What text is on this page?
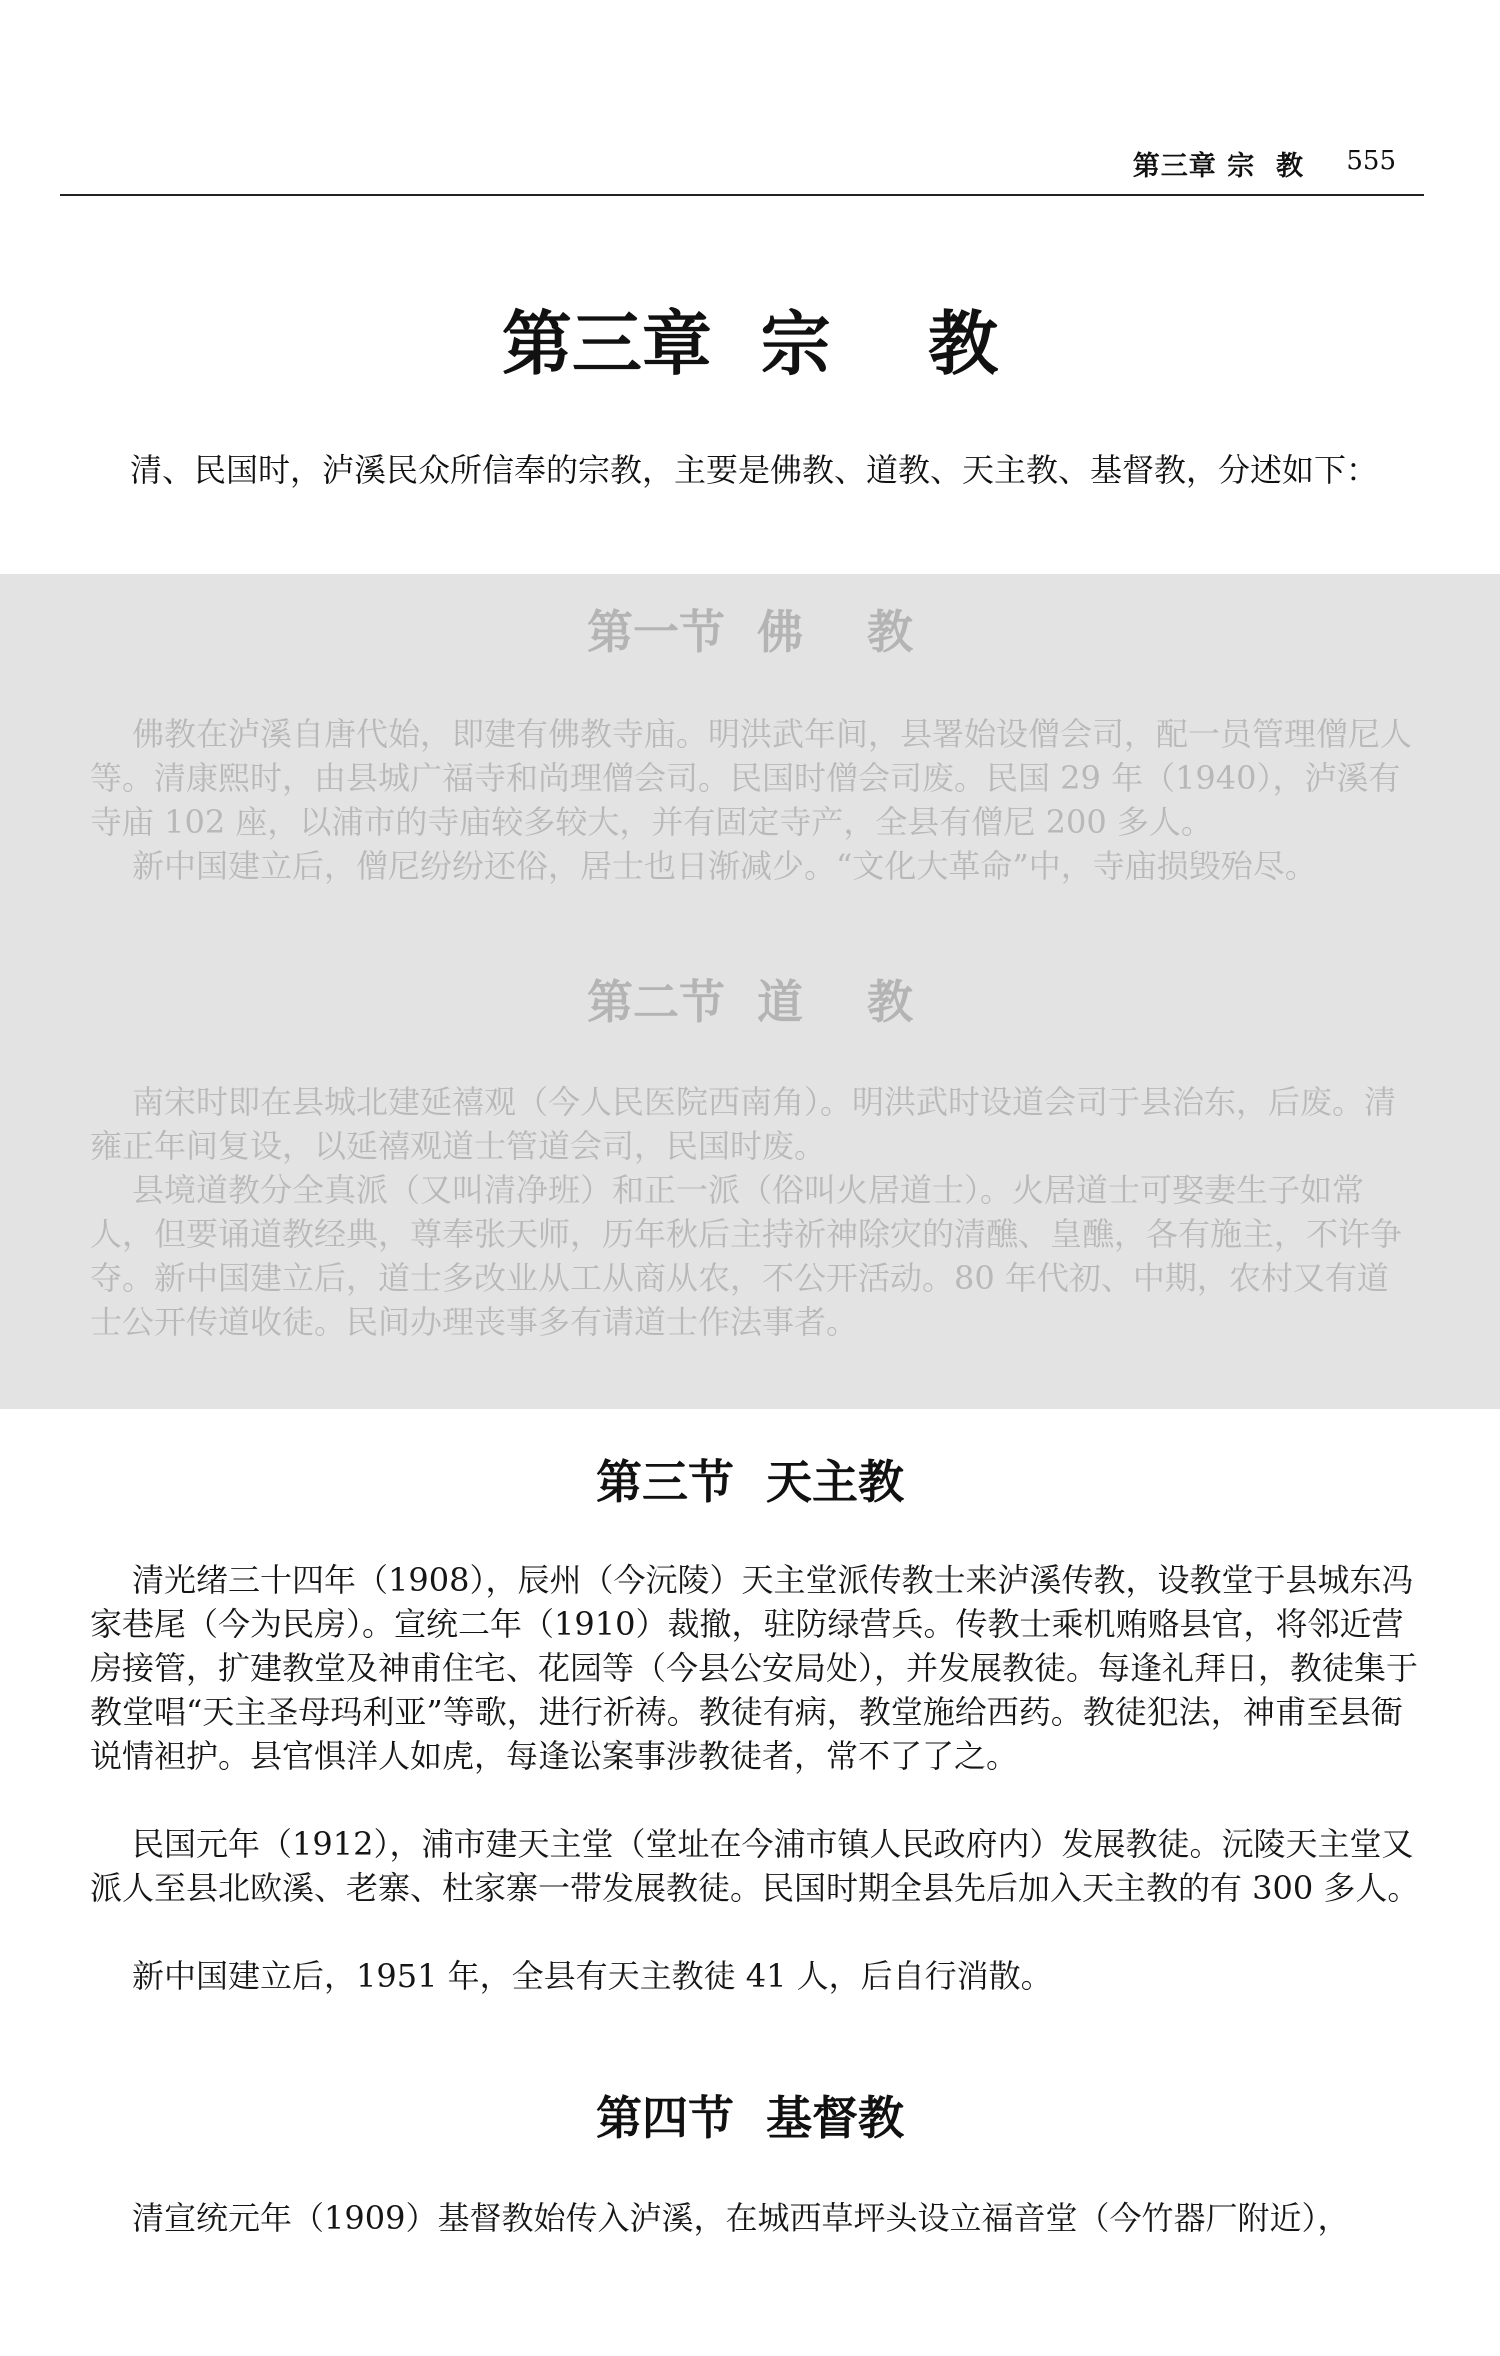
第三章 宗  教 555
第三章  宗    教

清、民国时，泸溪民众所信奉的宗教，主要是佛教、道教、天主教、基督教，分述如下：

第一节  佛    教

佛教在泸溪自唐代始，即建有佛教寺庙。明洪武年间，县署始设僧会司，配一员管理僧尼人等。清康熙时，由县城广福寺和尚理僧会司。民国时僧会司废。民国 29 年（1940），泸溪有寺庙 102 座，以浦市的寺庙较多较大，并有固定寺产，全县有僧尼 200 多人。

新中国建立后，僧尼纷纷还俗，居士也日渐减少。“文化大革命”中，寺庙损毁殆尽。

第二节  道    教

南宋时即在县城北建延禧观（今人民医院西南角）。明洪武时设道会司于县治东，后废。清雍正年间复设，以延禧观道士管道会司，民国时废。

县境道教分全真派（又叫清净班）和正一派（俗叫火居道士）。火居道士可娶妻生子如常人，但要诵道教经典，尊奉张天师，历年秋后主持祈神除灾的清醮、皇醮，各有施主，不许争夺。新中国建立后，道士多改业从工从商从农，不公开活动。80 年代初、中期，农村又有道士公开传道收徒。民间办理丧事多有请道士作法事者。

第三节  天主教

清光绪三十四年（1908），辰州（今沅陵）天主堂派传教士来泸溪传教，设教堂于县城东冯家巷尾（今为民房）。宣统二年（1910）裁撤，驻防绿营兵。传教士乘机贿赂县官，将邻近营房接管，扩建教堂及神甫住宅、花园等（今县公安局处），并发展教徒。每逢礼拜日，教徒集于教堂唱“天主圣母玛利亚”等歌，进行祈祷。教徒有病，教堂施给西药。教徒犯法，神甫至县衙说情袒护。县官惧洋人如虎，每逢讼案事涉教徒者，常不了了之。

民国元年（1912），浦市建天主堂（堂址在今浦市镇人民政府内）发展教徒。沅陵天主堂又派人至县北欧溪、老寨、杜家寨一带发展教徒。民国时期全县先后加入天主教的有 300 多人。

新中国建立后，1951 年，全县有天主教徒 41 人，后自行消散。

第四节  基督教

清宣统元年（1909）基督教始传入泸溪，在城西草坪头设立福音堂（今竹器厂附近），
